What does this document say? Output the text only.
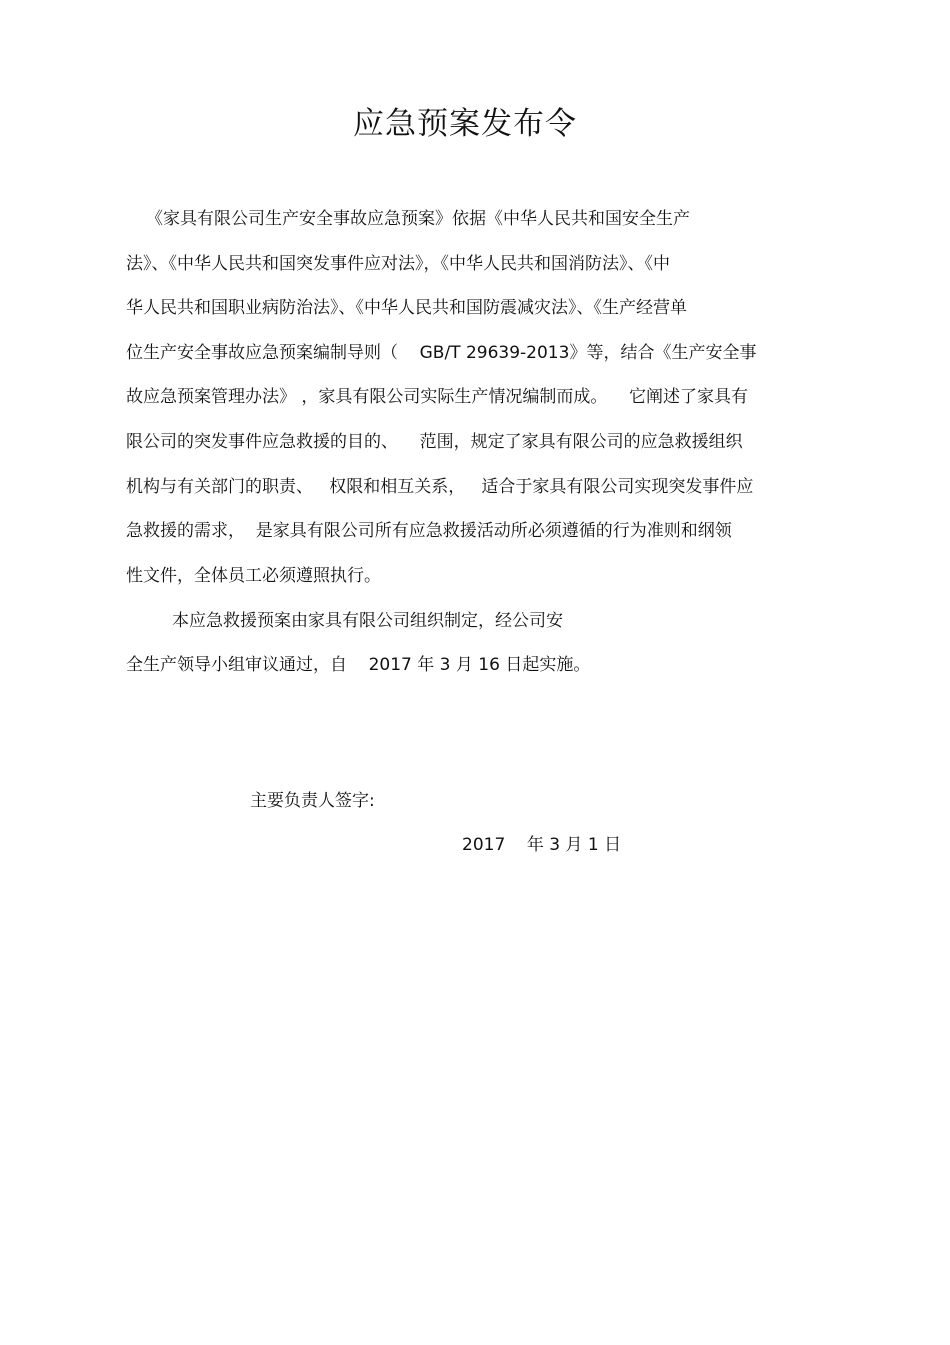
应急预案发布令
《家具有限公司生产安全事故应急预案》依据《中华人民共和国安全生产
法》、《中华人民共和国突发事件应对法》，《中华人民共和国消防法》、《中
华人民共和国职业病防治法》、《中华人民共和国防震减灾法》、《生产经营单
位生产安全事故应急预案编制导则（    GB/T 29639-2013》等，结合《生产安全事
故应急预案管理办法》 ，家具有限公司实际生产情况编制而成。    它阐述了家具有
限公司的突发事件应急救援的目的、    范围，规定了家具有限公司的应急救援组织
机构与有关部门的职责、   权限和相互关系，   适合于家具有限公司实现突发事件应
急救援的需求，  是家具有限公司所有应急救援活动所必须遵循的行为准则和纲领
性文件，全体员工必须遵照执行。
本应急救援预案由家具有限公司组织制定，经公司安
全生产领导小组审议通过，自    2017 年 3 月 16 日起实施。
主要负责人签字:
2017    年 3 月 1 日
